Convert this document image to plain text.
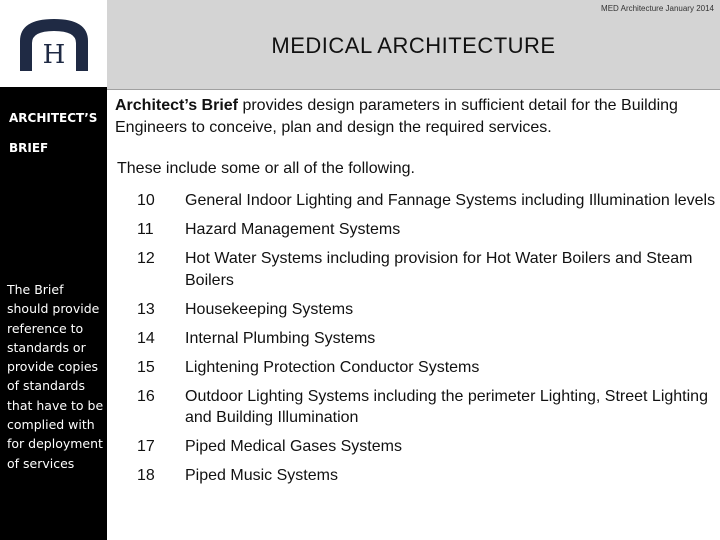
H
MED Architecture January 2014
MEDICAL ARCHITECTURE
ARCHITECT’S
BRIEF
The Brief should provide reference to standards or provide copies of standards that have to be complied with for deployment of services
Architect’s Brief provides design parameters in sufficient detail for the Building Engineers to conceive, plan and design the required services.
These include some or all of the following.
10	General Indoor Lighting and Fannage Systems including Illumination levels
11	Hazard Management Systems
12	Hot Water Systems including provision for Hot Water Boilers and Steam Boilers
13	Housekeeping Systems
14	Internal Plumbing Systems
15	Lightening Protection Conductor Systems
16	Outdoor Lighting Systems including the perimeter Lighting, Street Lighting and Building Illumination
17	Piped Medical Gases Systems
18	Piped Music Systems
